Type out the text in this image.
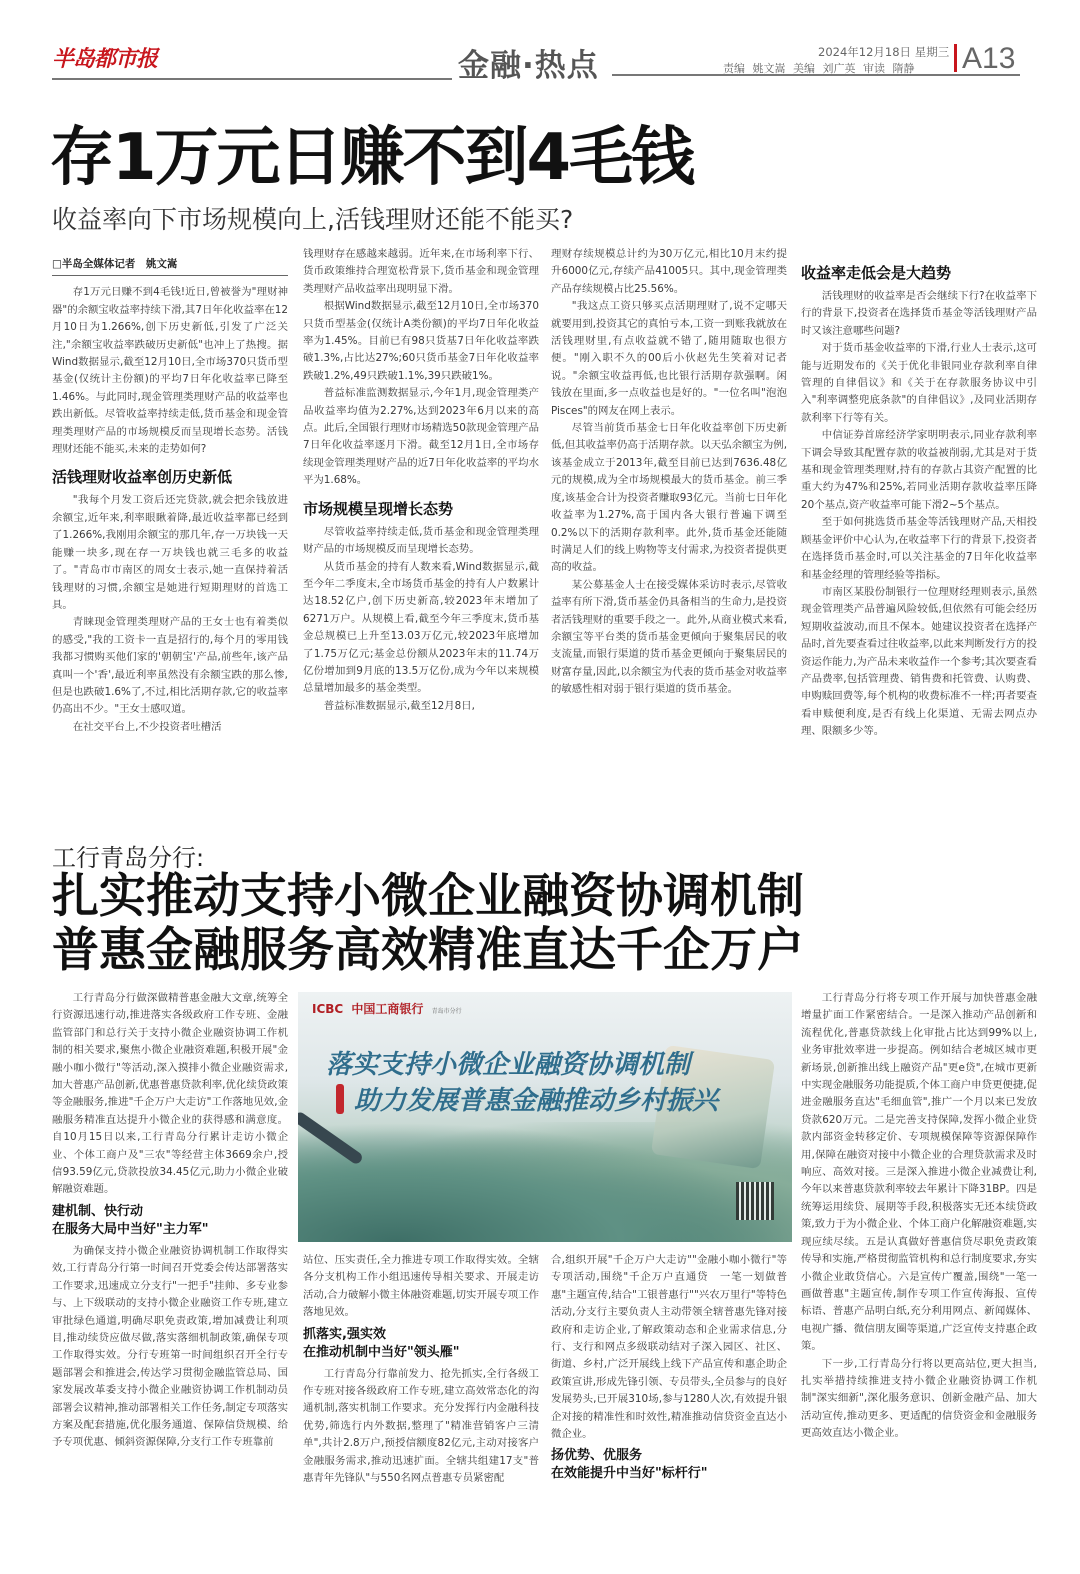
半岛都市报	金融·热点	2024年12月18日 星期三
责编 姚文嵩 美编 刘广英 审读 隋静 A13
存1万元日赚不到4毛钱
收益率向下市场规模向上,活钱理财还能不能买?
□半岛全媒体记者　姚文嵩

存1万元日赚不到4毛钱!近日,曾被誉为"理财神器"的余额宝收益率持续下滑,其7日年化收益率在12月10日为1.266%,创下历史新低,引发了广泛关注,"余额宝收益率跌破历史新低"也冲上了热搜。据Wind数据显示,截至12月10日,全市场370只货币型基金(仅统计主份额)的平均7日年化收益率已降至1.46%。与此同时,现金管理类理财产品的收益率也跌出新低。尽管收益率持续走低,货币基金和现金管理类理财产品的市场规模反而呈现增长态势。活钱理财还能不能买,未来的走势如何?

活钱理财收益率创历史新低

"我每个月发工资后还完贷款,就会把余钱放进余额宝,近年来,利率眼瞅着降,最近收益率都已经到了1.266%,我刚用余额宝的那几年,存一万块钱一天能赚一块多,现在存一万块钱也就三毛多的收益了。"青岛市市南区的周女士表示,她一直保持着活钱理财的习惯,余额宝是她进行短期理财的首选工具。

青睐现金管理类理财产品的王女士也有着类似的感受,"我的工资卡一直是招行的,每个月的零用钱我都习惯购买他们家的'朝朝宝'产品,前些年,该产品真叫一个'香',最近利率虽然没有余额宝跌的那么惨,但是也跌破1.6%了,不过,相比活期存款,它的收益率仍高出不少。"王女士感叹道。

在社交平台上,不少投资者吐槽活

钱理财存在感越来越弱。近年来,在市场利率下行、货币政策维持合理宽松背景下,货币基金和现金管理类理财产品收益率出现明显下滑。

根据Wind数据显示,截至12月10日,全市场370只货币型基金(仅统计A类份额)的平均7日年化收益率为1.45%。目前已有98只货基7日年化收益率跌破1.3%,占比达27%;60只货币基金7日年化收益率跌破1.2%,49只跌破1.1%,39只跌破1%。

普益标准监测数据显示,今年1月,现金管理类产品收益率均值为2.27%,达到2023年6月以来的高点。此后,全国银行理财市场精选50款现金管理产品7日年化收益率逐月下滑。截至12月1日,全市场存续现金管理类理财产品的近7日年化收益率的平均水平为1.68%。

市场规模呈现增长态势

尽管收益率持续走低,货币基金和现金管理类理财产品的市场规模反而呈现增长态势。

从货币基金的持有人数来看,Wind数据显示,截至今年二季度末,全市场货币基金的持有人户数累计达18.52亿户,创下历史新高,较2023年末增加了6271万户。从规模上看,截至今年三季度末,货币基金总规模已上升至13.03万亿元,较2023年底增加了1.75万亿元;基金总份额从2023年末的11.74万亿份增加到9月底的13.5万亿份,成为今年以来规模总量增加最多的基金类型。

普益标准数据显示,截至12月8日,

理财存续规模总计约为30万亿元,相比10月末约提升6000亿元,存续产品41005只。其中,现金管理类产品存续规模占比25.56%。

"我这点工资只够买点活期理财了,说不定哪天就要用到,投资其它的真怕亏本,工资一到账我就放在活钱理财里,有点收益就不错了,随用随取也很方便。"刚入职不久的00后小伙赵先生笑着对记者说。"余额宝收益再低,也比银行活期存款强啊。闲钱放在里面,多一点收益也是好的。"一位名叫"泡泡Pisces"的网友在网上表示。

尽管当前货币基金七日年化收益率创下历史新低,但其收益率仍高于活期存款。以天弘余额宝为例,该基金成立于2013年,截至目前已达到7636.48亿元的规模,成为全市场规模最大的货币基金。前三季度,该基金合计为投资者赚取93亿元。当前七日年化收益率为1.27%,高于国内各大银行普遍下调至0.2%以下的活期存款利率。此外,货币基金还能随时满足人们的线上购物等支付需求,为投资者提供更高的收益。

某公募基金人士在接受媒体采访时表示,尽管收益率有所下滑,货币基金仍具备相当的生命力,是投资者活钱理财的重要手段之一。此外,从商业模式来看,余额宝等平台类的货币基金更倾向于聚集居民的收支流量,而银行渠道的货币基金更倾向于聚集居民的财富存量,因此,以余额宝为代表的货币基金对收益率的敏感性相对弱于银行渠道的货币基金。

收益率走低会是大趋势

活钱理财的收益率是否会继续下行?在收益率下行的背景下,投资者在选择货币基金等活钱理财产品时又该注意哪些问题?

对于货币基金收益率的下滑,行业人士表示,这可能与近期发布的《关于优化非银同业存款利率自律管理的自律倡议》和《关于在存款服务协议中引入"利率调整兜底条款"的自律倡议》,及同业活期存款利率下行等有关。

中信证券首席经济学家明明表示,同业存款利率下调会导致其配置存款的收益被削弱,尤其是对于货基和现金管理类理财,持有的存款占其资产配置的比重大约为47%和25%,若同业活期存款收益率压降20个基点,资产收益率可能下滑2~5个基点。

至于如何挑选货币基金等活钱理财产品,天相投顾基金评价中心认为,在收益率下行的背景下,投资者在选择货币基金时,可以关注基金的7日年化收益率和基金经理的管理经验等指标。

市南区某股份制银行一位理财经理则表示,虽然现金管理类产品普遍风险较低,但依然有可能会经历短期收益波动,而且不保本。她建议投资者在选择产品时,首先要查看过往收益率,以此来判断发行方的投资运作能力,为产品未来收益作一个参考;其次要查看产品费率,包括管理费、销售费和托管费、认购费、申购赎回费等,每个机构的收费标准不一样;再者要查看申赎便利度,是否有线上化渠道、无需去网点办理、限额多少等。

工行青岛分行:
扎实推动支持小微企业融资协调机制
普惠金融服务高效精准直达千企万户

工行青岛分行做深做精普惠金融大文章,统筹全行资源迅速行动,推进落实各级政府工作专班、金融监管部门和总行关于支持小微企业融资协调工作机制的相关要求,聚焦小微企业融资难题,积极开展"金融小咖小微行"等活动,深入摸排小微企业融资需求,加大普惠产品创新,优惠普惠贷款利率,优化续贷政策等金融服务,推进"千企万户大走访"工作落地见效,金融服务精准直达提升小微企业的获得感和满意度。自10月15日以来,工行青岛分行累计走访小微企业、个体工商户及"三农"等经营主体3669余户,授信93.59亿元,贷款投放34.45亿元,助力小微企业破解融资难题。

建机制、快行动
在服务大局中当好"主力军"

为确保支持小微企业融资协调机制工作取得实效,工行青岛分行第一时间召开党委会传达部署落实工作要求,迅速成立分支行"一把手"挂帅、多专业参与、上下级联动的支持小微企业融资工作专班,建立审批绿色通道,明确尽职免责政策,增加减费让利项目,推动续贷应做尽做,落实落细机制政策,确保专项工作取得实效。分行专班第一时间组织召开全行专题部署会和推进会,传达学习贯彻金融监管总局、国家发展改革委支持小微企业融资协调工作机制动员部署会议精神,推动部署相关工作任务,制定专项落实方案及配套措施,优化服务通道、保障信贷规模、给予专项优惠、倾斜资源保障,分支行工作专班靠前

ICBC 中国工商银行 青岛市分行
落实支持小微企业融资协调机制
助力发展普惠金融推动乡村振兴

站位、压实责任,全力推进专项工作取得实效。全辖各分支机构工作小组迅速传导相关要求、开展走访活动,合力破解小微主体融资难题,切实开展专项工作落地见效。

抓落实,强实效
在推动机制中当好"领头雁"

工行青岛分行靠前发力、抢先抓实,全行各级工作专班对接各级政府工作专班,建立高效常态化的沟通机制,落实机制工作要求。充分发挥行内金融科技优势,筛选行内外数据,整理了"精准营销客户三清单",共计2.8万户,预授信额度82亿元,主动对接客户金融服务需求,推动迅速扩面。全辖共组建17支"普惠青年先锋队"与550名网点普惠专员紧密配

合,组织开展"千企万户大走访""金融小咖小微行"等专项活动,围绕"千企万户直通贷　一笔一划做普惠"主题宣传,结合"工银普惠行""兴农万里行"等特色活动,分支行主要负责人主动带领全辖普惠先锋对接政府和走访企业,了解政策动态和企业需求信息,分行、支行和网点多级联动结对子深入园区、社区、街道、乡村,广泛开展线上线下产品宣传和惠企助企政策宣讲,形成先锋引领、专员带头,全员参与的良好发展势头,已开展310场,参与1280人次,有效提升银企对接的精准性和时效性,精准推动信贷资金直达小微企业。

扬优势、优服务
在效能提升中当好"标杆行"

工行青岛分行将专项工作开展与加快普惠金融增量扩面工作紧密结合。一是深入推动产品创新和流程优化,普惠贷款线上化审批占比达到99%以上,业务审批效率进一步提高。例如结合老城区城市更新场景,创新推出线上融资产品"更e贷",在城市更新中实现金融服务功能提质,个体工商户申贷更便捷,促进金融服务直达"毛细血管",推广一个月以来已发放贷款620万元。二是完善支持保障,发挥小微企业贷款内部资金转移定价、专项规模保障等资源保障作用,保障在融资对接中小微企业的合理贷款需求及时响应、高效对接。三是深入推进小微企业减费让利,今年以来普惠贷款利率较去年累计下降31BP。四是统筹运用续贷、展期等手段,积极落实无还本续贷政策,致力于为小微企业、个体工商户化解融资难题,实现应续尽续。五是认真做好普惠信贷尽职免责政策传导和实施,严格贯彻监管机构和总行制度要求,夯实小微企业敢贷信心。六是宣传广覆盖,围绕"一笔一画做普惠"主题宣传,制作专项工作宣传海报、宣传标语、普惠产品明白纸,充分利用网点、新闻媒体、电视广播、微信朋友圈等渠道,广泛宣传支持惠企政策。

下一步,工行青岛分行将以更高站位,更大担当,扎实举措持续推进支持小微企业融资协调工作机制"深实细新",深化服务意识、创新金融产品、加大活动宣传,推动更多、更适配的信贷资金和金融服务更高效直达小微企业。
